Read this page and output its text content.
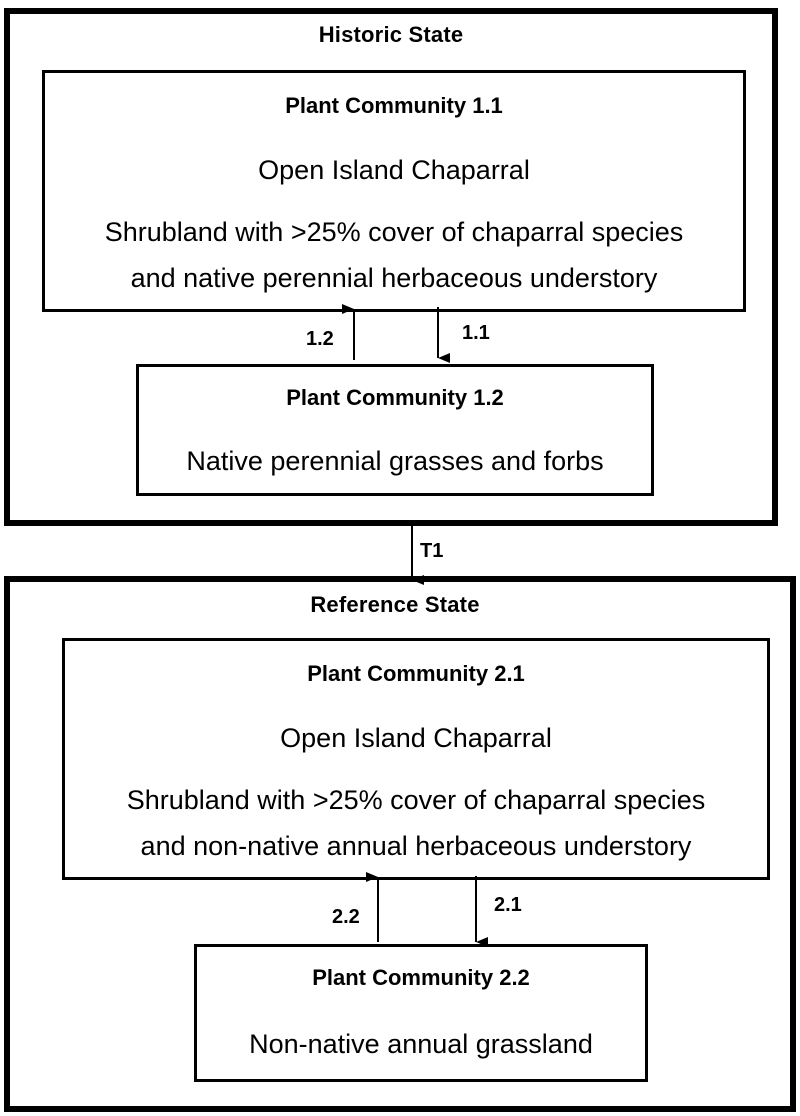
Historic State
Plant Community 1.1
Open Island Chaparral
Shrubland with >25% cover of chaparral species
and native perennial herbaceous understory
Plant Community 1.2
Native perennial grasses and forbs
1.2	1.1
T1
Reference State
Plant Community 2.1
Open Island Chaparral
Shrubland with >25% cover of chaparral species
and non-native annual herbaceous understory
Plant Community 2.2
Non-native annual grassland
2.2
2.1
